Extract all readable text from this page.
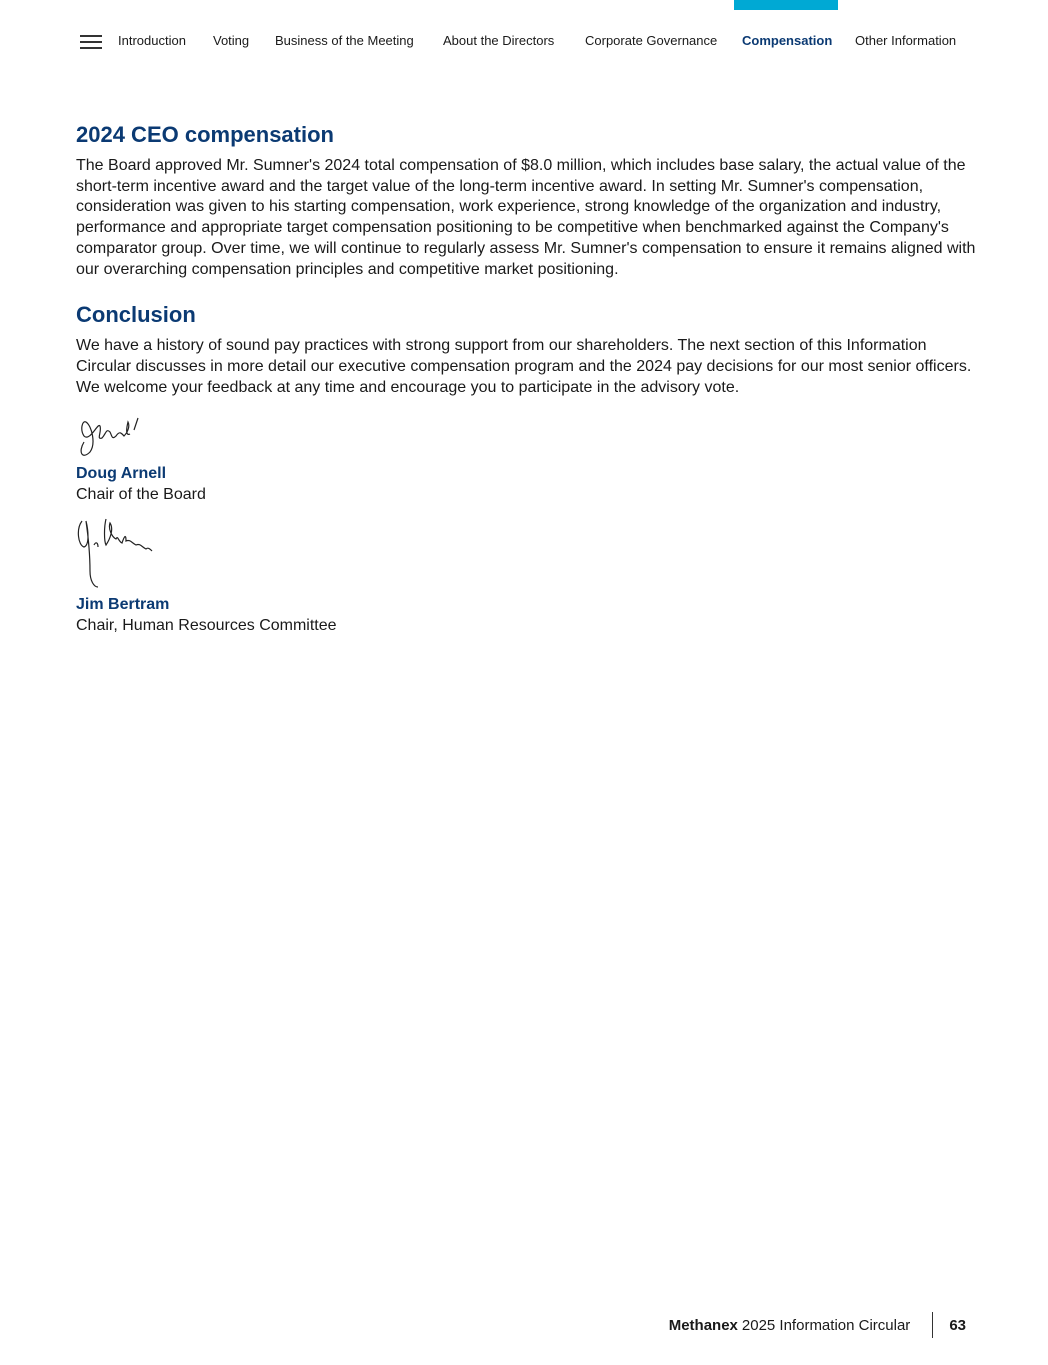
Introduction Voting Business of the Meeting About the Directors Corporate Governance Compensation Other Information
2024 CEO compensation

The Board approved Mr. Sumner's 2024 total compensation of $8.0 million, which includes base salary, the actual value of the short-term incentive award and the target value of the long-term incentive award. In setting Mr. Sumner's compensation, consideration was given to his starting compensation, work experience, strong knowledge of the organization and industry, performance and appropriate target compensation positioning to be competitive when benchmarked against the Company's comparator group. Over time, we will continue to regularly assess Mr. Sumner's compensation to ensure it remains aligned with our overarching compensation principles and competitive market positioning.

Conclusion

We have a history of sound pay practices with strong support from our shareholders. The next section of this Information Circular discusses in more detail our executive compensation program and the 2024 pay decisions for our most senior officers. We welcome your feedback at any time and encourage you to participate in the advisory vote.

Doug Arnell
Chair of the Board
Jim Bertram
Chair, Human Resources Committee
Methanex 2025 Information Circular	63
